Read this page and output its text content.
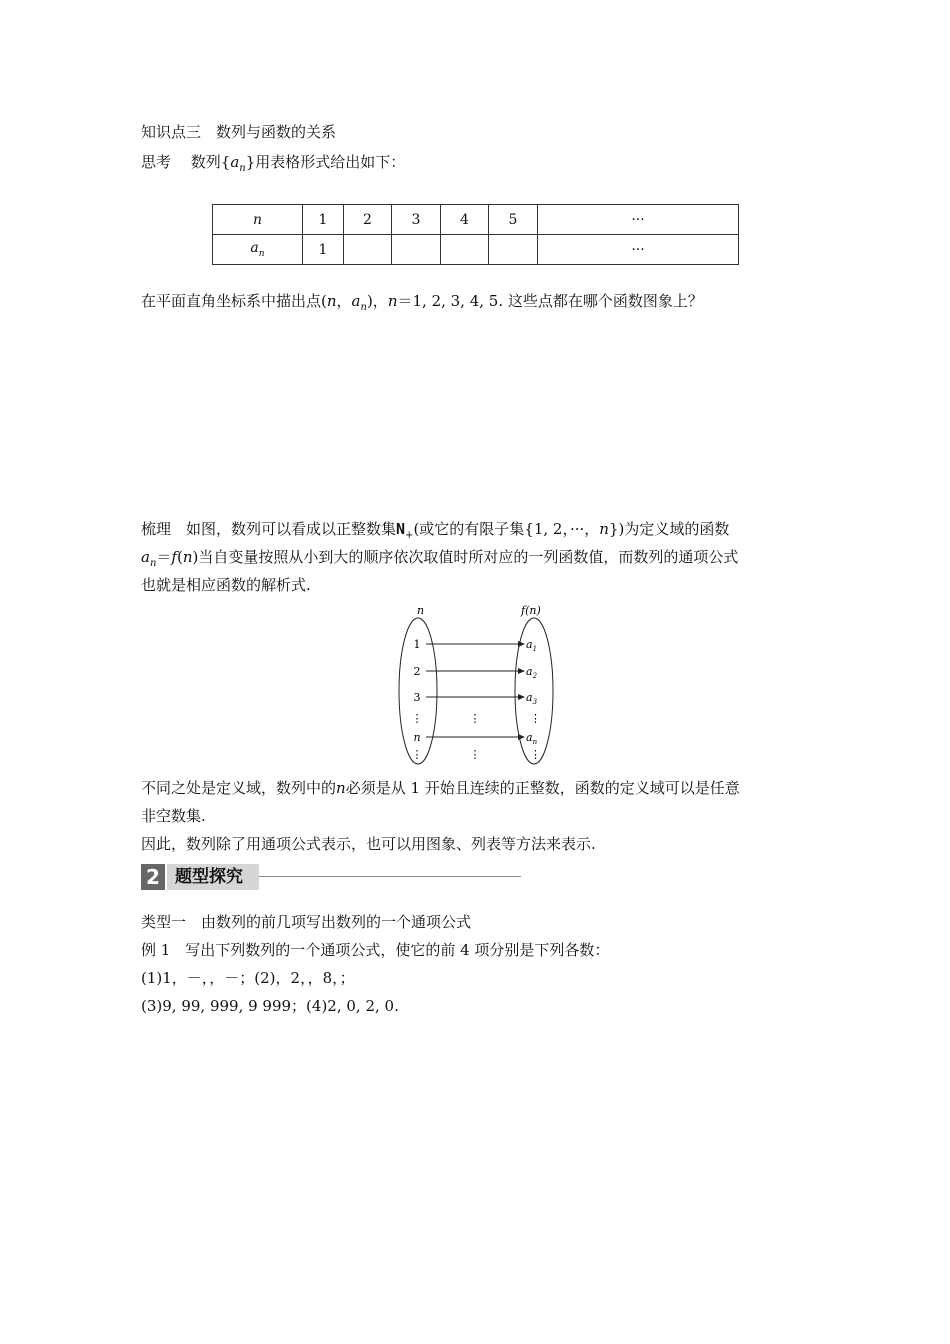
知识点三　数列与函数的关系
思考　 数列$\{a_n\}$用表格形式给出如下：
n	1	2	3	4	5	···
$a_n$	1					···
在平面直角坐标系中描出点(n，$a_n$)，n＝1, 2, 3, 4, 5. 这些点都在哪个函数图象上？
梳理　如图，数列可以看成以正整数集$N_+$(或它的有限子集{1, 2，···，n})为定义域的函数
$a_n=f(n)$当自变量按照从小到大的顺序依次取值时所对应的一列函数值，而数列的通项公式
也就是相应函数的解析式.
n	f(n)
1
2
3
⋮
n
⋮
$a_1$
$a_2$
$a_3$
⋮
$a_n$
⋮
⋮
⋮
不同之处是定义域，数列中的n必须是从 1 开始且连续的正整数，函数的定义域可以是任意
非空数集.
因此，数列除了用通项公式表示，也可以用图象、列表等方法来表示.
2 题型探究
类型一　由数列的前几项写出数列的一个通项公式
例 1　写出下列数列的一个通项公式，使它的前 4 项分别是下列各数：
(1)1，－，，－；(2)，2，，8，；
(3)9, 99, 999, 9 999；(4)2, 0, 2, 0.
